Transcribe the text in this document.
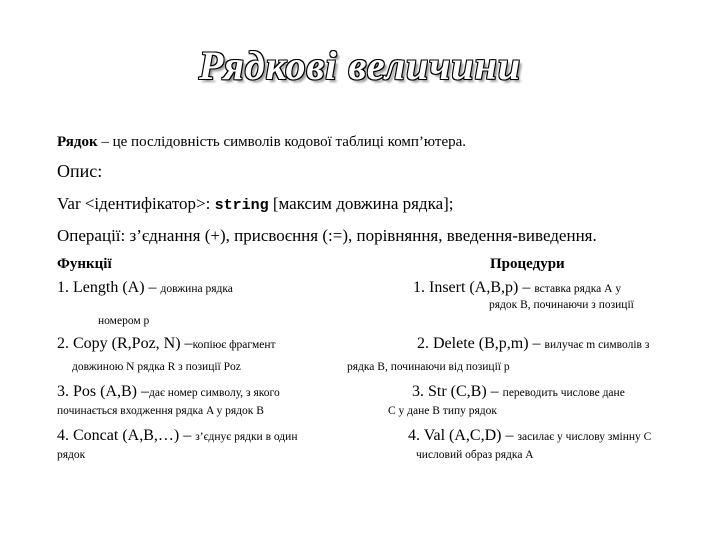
Рядкові величини
Рядок – це послідовність символів кодової таблиці комп’ютера.
Опис:
Var <ідентифікатор>: string [максим довжина рядка];
Операції: з’єднання (+), присвоєння (:=), порівняння, введення-виведення.
Функції	Процедури
1. Length (A) – довжина рядка	1. Insert (A,B,p) – вставка рядка А у
рядок В, починаючи з позиції
номером р
2. Copy (R,Poz, N) –копіює фрагмент	2. Delete (B,p,m) – вилучає m символів з
довжиною N рядка R з позиції Poz	рядка В, починаючи від позиції р
3. Pos (A,B) –дає номер символу, з якого	3. Str (C,B) – переводить числове дане
починається входження рядка A у рядок B	С у дане В типу рядок
4. Concat (A,B,…) – з’єднує рядки в один	4. Val (A,C,D) – засилає у числову змінну С
рядок	числовий образ рядка А
